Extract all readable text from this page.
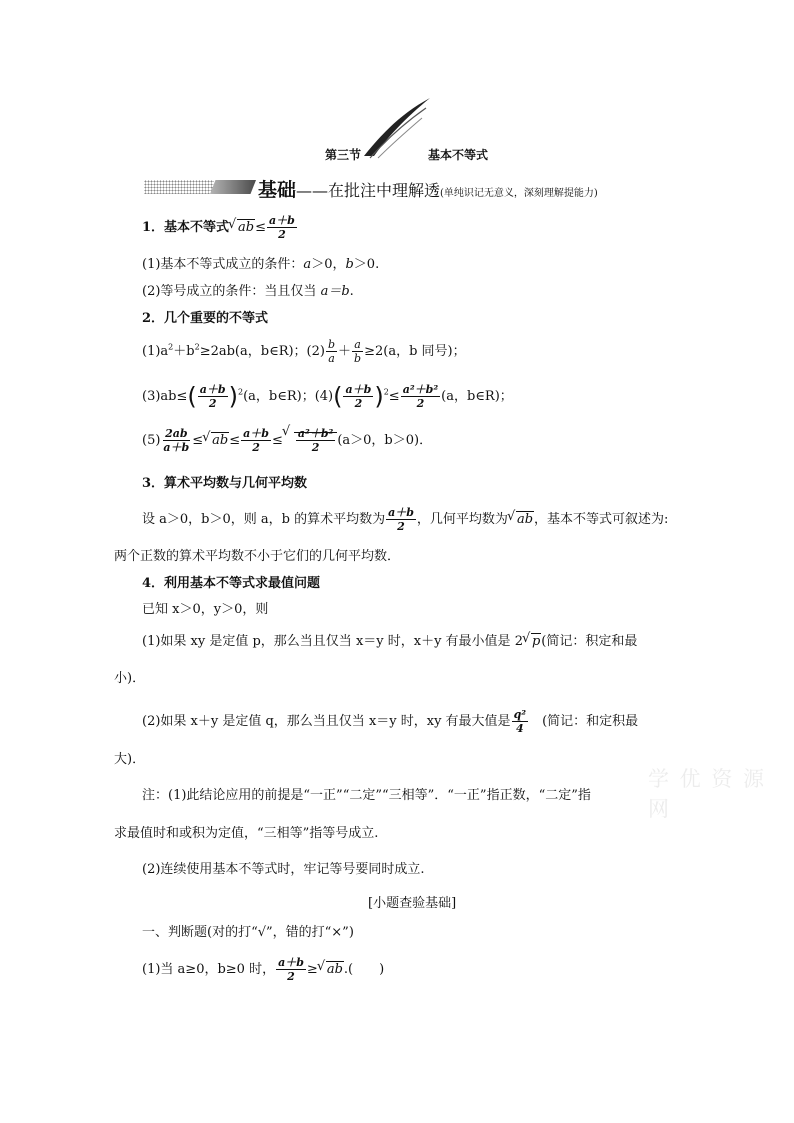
第三节	基本不等式
基础——在批注中理解透(单纯识记无意义，深刻理解提能力)
1．基本不等式 √ $ab\le \frac{a+b}{2}$
(1)基本不等式成立的条件：a＞0，b＞0.
(2)等号成立的条件：当且仅当 a＝b.
2．几个重要的不等式
$(1)a^2+b^2\ge 2ab(a$，b∈R)；$(2) \frac{b}{a} + \frac{a}{b} \ge 2(a$，b 同号)；
$(3)ab\le( \frac{a+b}{2} )^2(a$，b∈R)；$(4)( \frac{a+b}{2} )^2\le \frac{\text{a²＋b²}}{2} (a$，b∈R)；
$(5) \frac{2ab}{a+b}$ ≤ √ $ab\le \frac{a+b}{2}$ ≤ √ $\frac{\text{a²＋b²}}{2} (a>0$，b＞0)．
3．算术平均数与几何平均数
设 a＞0，b＞0，则 a，b 的算术平均数为 $\frac{a+b}{2}$ ，几何平均数为 √ ab，基本不等式可叙述为:
两个正数的算术平均数不小于它们的几何平均数．
4．利用基本不等式求最值问题
已知 x＞0，y＞0，则
(1)如果 xy 是定值 p，那么当且仅当 x＝y 时，x＋y 有最小值是 2 √ p(简记：积定和最
小)．
(2)如果 x＋y 是定值 q，那么当且仅当 x＝y 时，xy 有最大值是 $\frac{\text{q²}}{4}$
　 (简记：和定积最
大)．
学 优 资 源 网
注：(1)此结论应用的前提是“一正”“二定”“三相等”．“一正”指正数，“二定”指
求最值时和或积为定值，“三相等”指等号成立.
(2)连续使用基本不等式时，牢记等号要同时成立.
[小题查验基础]
一、判断题(对的打“√”，错的打“×”)
(1)当 a≥0，b≥0 时， $\frac{a+b}{2}$ ≥ √ ab.(　　)
